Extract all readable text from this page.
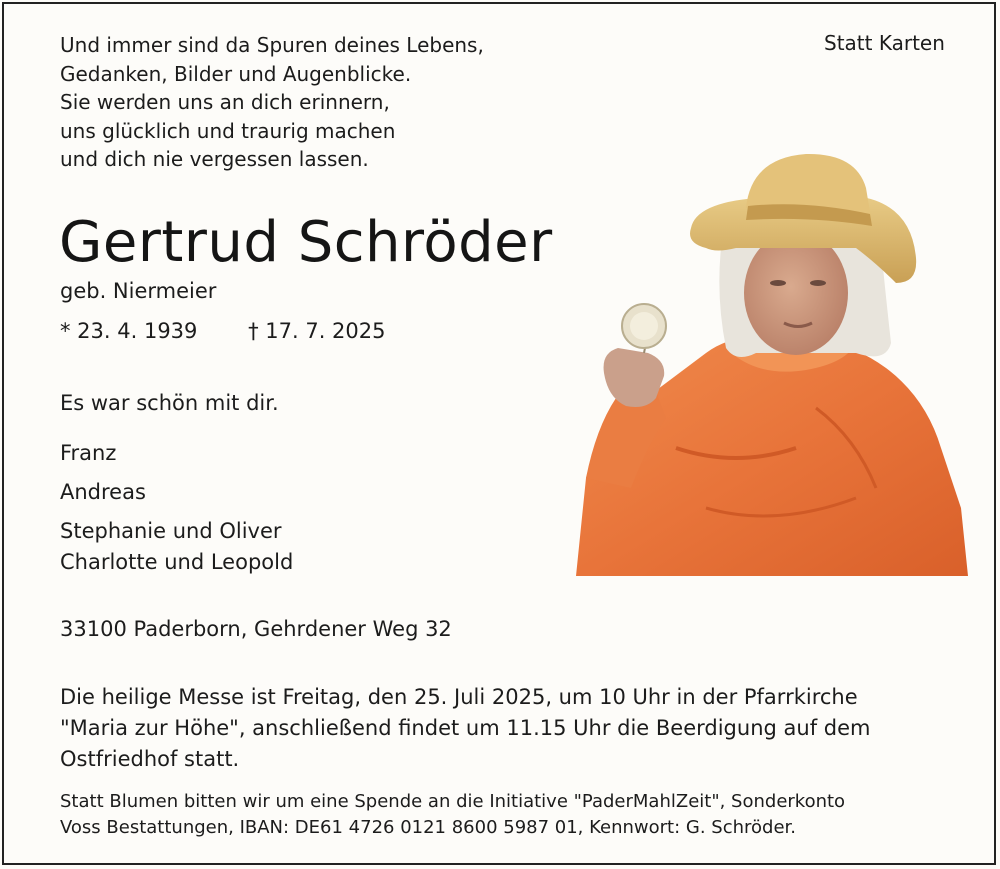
Und immer sind da Spuren deines Lebens,
Gedanken, Bilder und Augenblicke.
Sie werden uns an dich erinnern,
uns glücklich und traurig machen
und dich nie vergessen lassen.
Statt Karten
Gertrud Schröder
geb. Niermeier
* 23. 4. 1939 † 17. 7. 2025
Es war schön mit dir.
Franz
Andreas
Stephanie und Oliver
Charlotte und Leopold
33100 Paderborn, Gehrdener Weg 32
Die heilige Messe ist Freitag, den 25. Juli 2025, um 10 Uhr in der Pfarrkirche
"Maria zur Höhe", anschließend findet um 11.15 Uhr die Beerdigung auf dem
Ostfriedhof statt.
Statt Blumen bitten wir um eine Spende an die Initiative "PaderMahlZeit", Sonderkonto
Voss Bestattungen, IBAN: DE61 4726 0121 8600 5987 01, Kennwort: G. Schröder.
